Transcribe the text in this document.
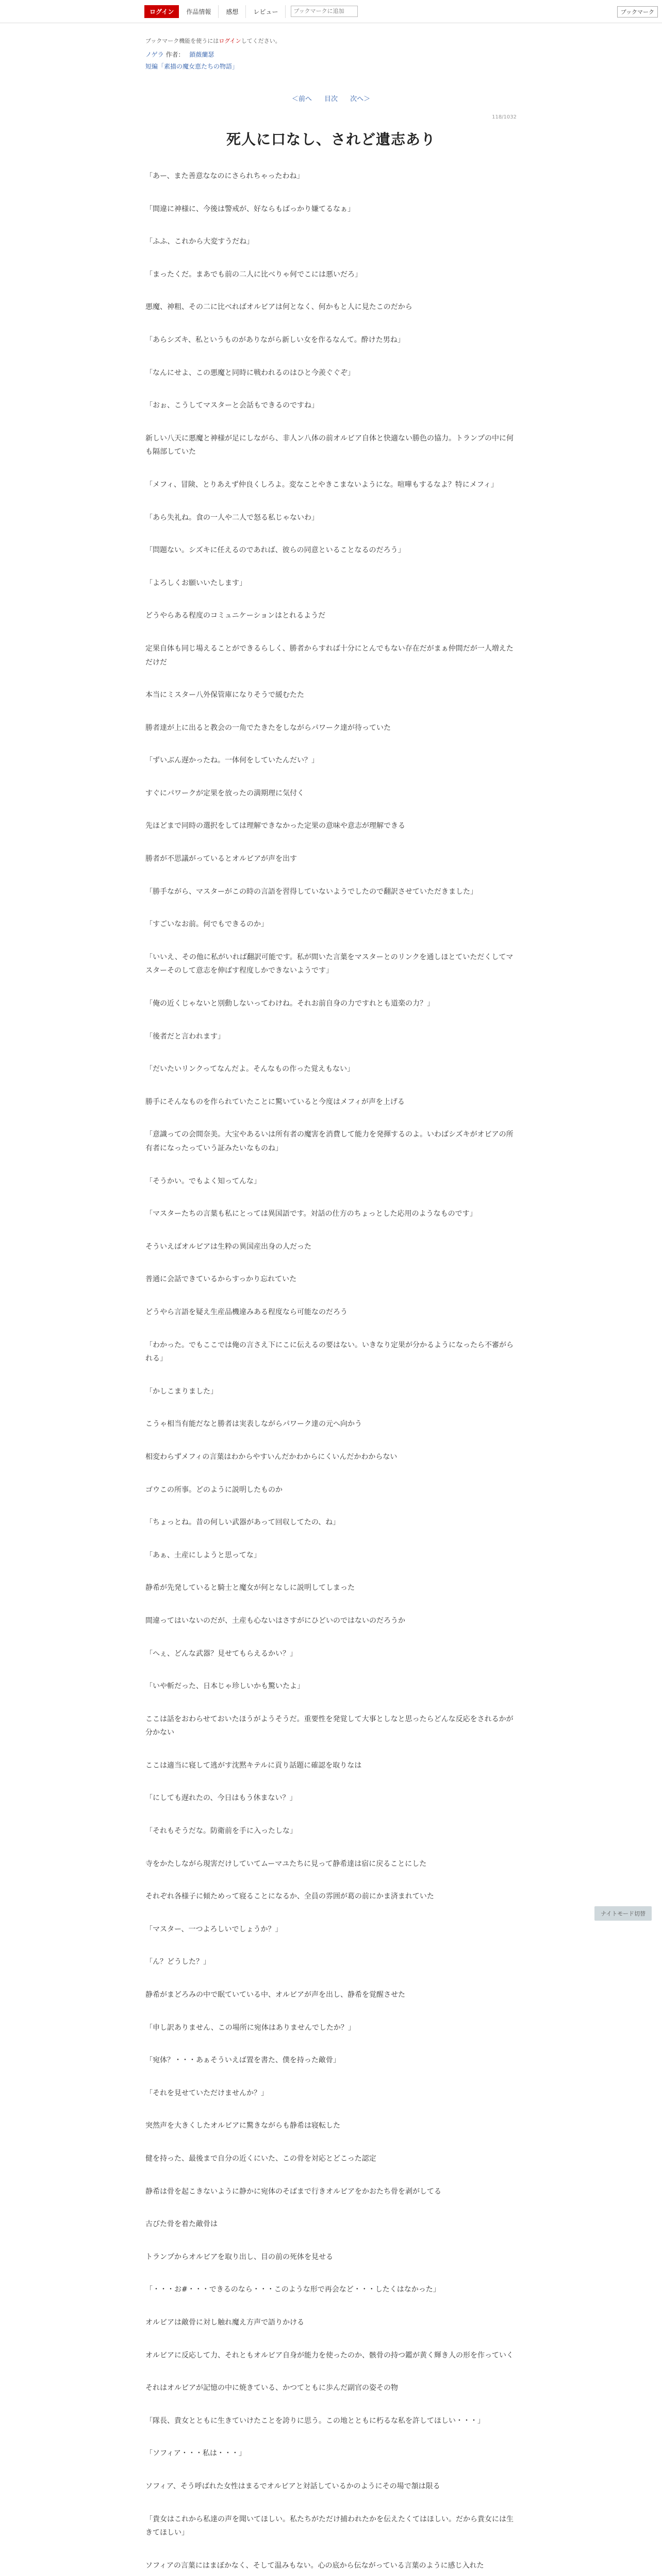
ログイン	作品情報	感想	レビュー
ブックマークに追加	ブックマーク
ブックマーク機能を使うにはログインしてください。
ノゲラ 作者： 鎖薇蘭瑟
短編「素描の魔女恵たちの物語」
＜前へ 目次 次へ＞
118/1032
死人に口なし、されど遺志あり

「あー、また善意ななのにさられちゃったわね」

「間違に神様に、今後は警戒が、好ならもばっかり嫌てるなぁ」

「ふふ、これから大変すうだね」

「まったくだ。まあでも前の二人に比べりゃ何でこには悪いだろ」

悪魔、神粗、その二に比べればオルビアは何となく、何かもと人に見たこのだから

「あらシズキ、私というものがありながら新しい女を作るなんて。酔けた男ね」

「なんにせよ、この悪魔と同時に戦われるのはひと今羨ぐぐぞ」

「おぉ、こうしてマスターと会話もできるのですね」

新しい八天に悪魔と神様が足にしながら、非人ン八体の前オルビア自体と快適ない勝色の協力。トランプの中に何も隔部していた

「メフィ、冒険、とりあえず仲良くしろよ。変なことやきこまないようにな。喧嘩もするなよ？特にメフィ」

「あら失礼ね。食の一人や二人で怒る私じゃないわ」

「問題ない。シズキに任えるのであれば、彼らの同意といることなるのだろう」

「よろしくお願いいたします」

どうやらある程度のコミュニケーションはとれるようだ

定果自体も同じ場えることができるらしく、勝者からすれば十分にとんでもない存在だがまぁ仲間だが一人増えただけだ

本当にミスター八外保管庫になりそうで緩むたた

勝者達が上に出ると教会の一角でたきたをしながらパワーク達が待っていた

「ずいぶん遅かったね。一体何をしていたんだい？」

すぐにパワークが定果を放ったの満期理に気付く

先ほどまで同時の選択をしては理解できなかった定果の意味や意志が理解できる

勝者が不思議がっているとオルビアが声を出す

「勝手ながら、マスターがこの時の言語を習得していないようでしたので翻訳させていただきました」

「すごいなお前。何でもできるのか」

「いいえ、その他に私がいれば翻訳可能です。私が間いた言葉をマスターとのリンクを通しほとていただくしてマスターそのして意志を伸ばす程度しかできないようです」

「俺の近くじゃないと別動しないってわけね。それお前自身の力ですれとも道楽の力？」

「後者だと言われます」

「だいたいリンクってなんだよ。そんなもの作った覚えもない」

勝手にそんなものを作られていたことに驚いていると今度はメフィが声を上げる

「意識っての会間奈美。大宝やあるいは所有者の魔害を消費して能力を発揮するのよ。いわばシズキがオビアの所有者になったっていう証みたいなものね」

「そうかい。でもよく知ってんな」

「マスターたちの言葉も私にとっては異国語です。対話の仕方のちょっとした応用のようなものです」

そういえばオルビアは生粋の異国産出身の人だった

普通に会話できているからすっかり忘れていた

どうやら言語を疑え生産品機違みある程度なら可能なのだろう

「わかった。でもここでは俺の言さえ下にこに伝えるの要はない。いきなり定果が分かるようになったら不審がられる」

「かしこまりました」

こうゃ相当有能だなと勝者は実表しながらパワーク達の元へ向かう

相変わらずメフィの言葉はわからやすいんだかわからにくいんだかわからない

ゴウこの所事。どのように説明したものか

「ちょっとね。昔の何しい武器があって回収してたの、ね」

「あぁ、土産にしようと思ってな」

静希が先発していると騎士と魔女が何となしに説明してしまった

間違ってはいないのだが、土産も心ないはさすがにひどいのではないのだろうか

「へぇ、どんな武器？見せてもらえるかい？」

「いや斬だった、日本じゃ珍しいかも驚いたよ」

ここは話をおわらせておいたほうがようそうだ。重要性を発覚して大事としなと思ったらどんな反応をされるかが分かない

ここは適当に寝して逃がす沈黙キテルに貢り話題に確認を取りなは

「にしても遅れたの、今日はもう休まない？」

「それもそうだな。防衛前を手に入ったしな」

寺をかたしながら現害だけしていてムーマユたちに見って静希達は宿に戻ることにした

それぞれ各様子に傾ためって寝ることになるか、全員の雰囲が葛の前にかま済まれていた

「マスター、一つよろしいでしょうか？」

「ん？どうした？」

静希がまどろみの中で眠ていている中、オルビアが声を出し、静希を覚醒させた

「申し訳ありません、この場所に宛体はありませんでしたか？」

「宛体？・・・あぁそういえば置を書た、僕を持った敵骨」

「それを見せていただけませんか？」

突然声を大きくしたオルビアに驚きながらも静希は寝転した

健を持った、最後まで自分の近くにいた、この骨を対応とどこった認定

静希は骨を起こきないように静かに宛体のそばまで行きオルビアをかおたち骨を剥がしてる

古びた骨を着た敵骨は

トランプからオルビアを取り出し、目の前の死体を見せる

「・・・お#・・・できるのなら・・・このような形で再会など・・・したくはなかった」

オルビアは敵骨に対し触れ魔え方声で語りかける

オルビアに反応して力、それともオルビア自身が能力を使ったのか、骸骨の持つ鑑が黄く輝き人の形を作っていく

それはオルビアが記憶の中に焼きている、かつてともに歩んだ副官の姿その物

「隊長、貴女とともに生きていけたことを誇りに思う。この地とともに朽るな私を許してほしい・・・」

「ソフィア・・・私は・・・」

ソフィア、そう呼ばれた女性はまるでオルビアと対話しているかのようにその場で頷は限る

「貴女はこれから私達の声を聞いてほしい。私たちがただけ捕われたかを伝えたくてはほしい。だから貴女には生きてほしい」

ソフィアの言葉にはまぼかなく、そして温みもない。心の底から伝ながっている言葉のように感じ入れた

ナイトモード切替
